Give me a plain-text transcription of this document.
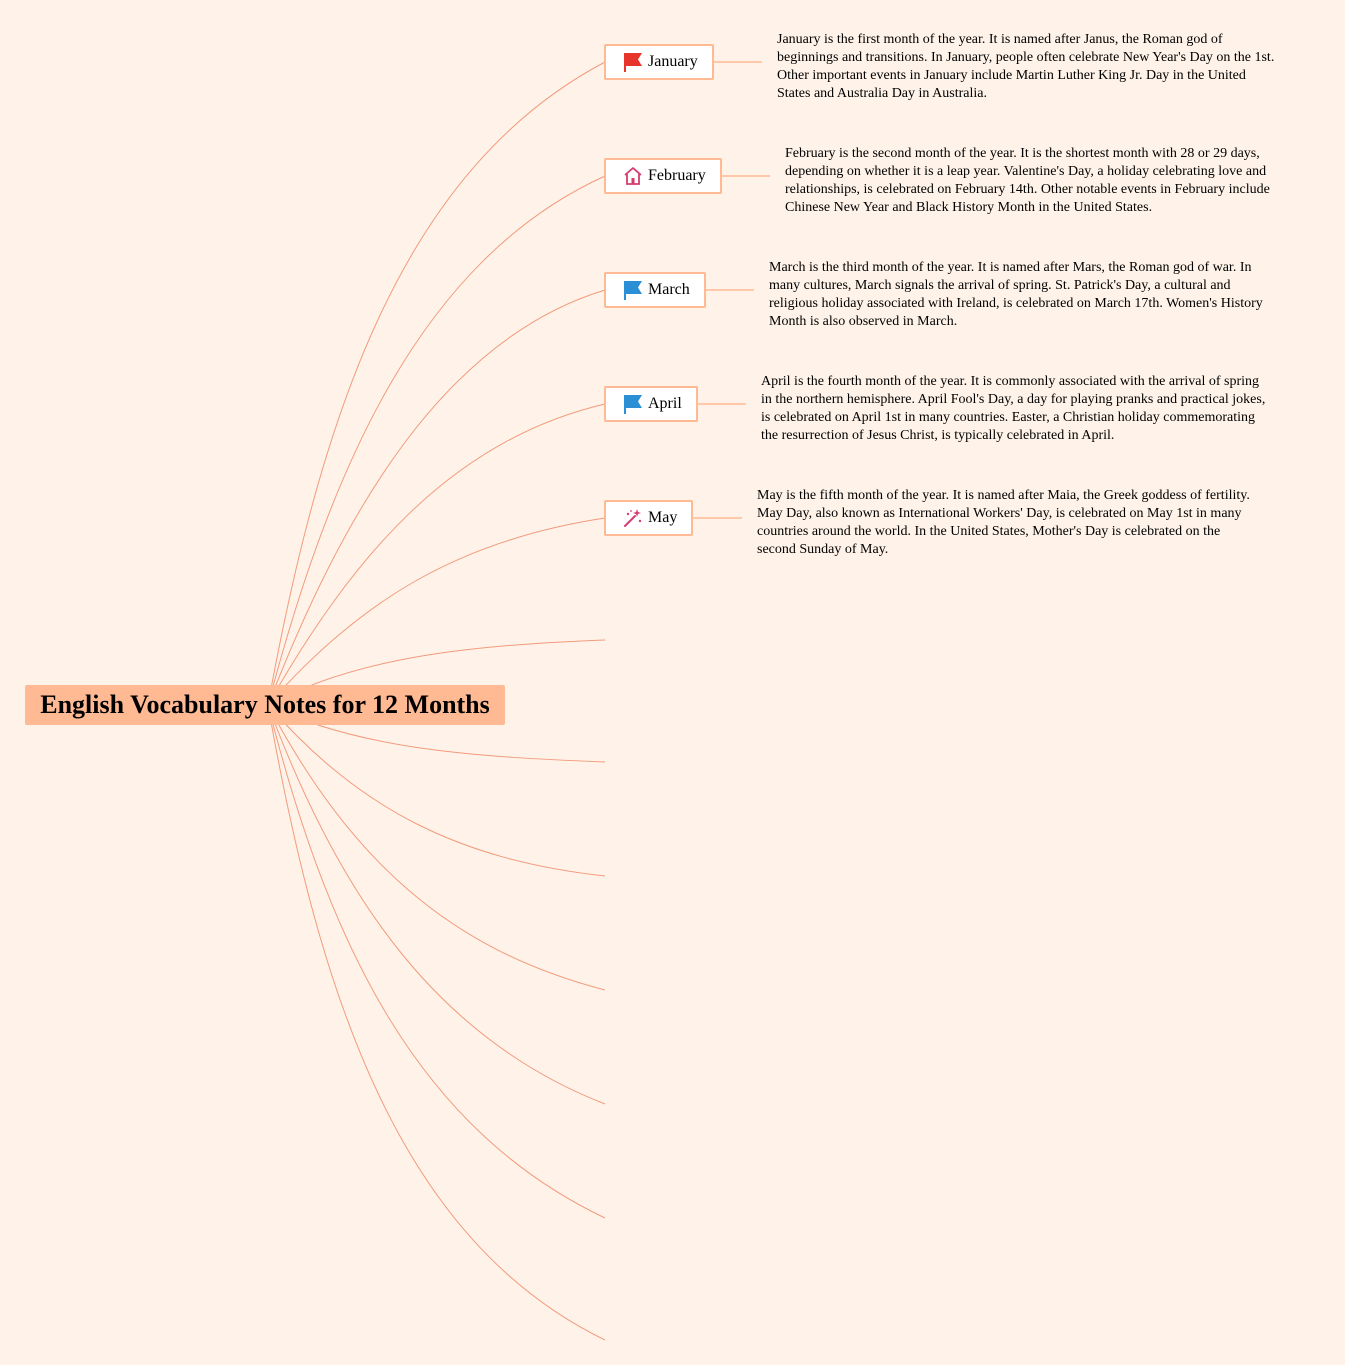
English Vocabulary Notes for 12 Months
January
January is the first month of the year. It is named after Janus, the Roman god of beginnings and transitions. In January, people often celebrate New Year's Day on the 1st. Other important events in January include Martin Luther King Jr. Day in the United States and Australia Day in Australia.
February
February is the second month of the year. It is the shortest month with 28 or 29 days, depending on whether it is a leap year. Valentine's Day, a holiday celebrating love and relationships, is celebrated on February 14th. Other notable events in February include Chinese New Year and Black History Month in the United States.
March
March is the third month of the year. It is named after Mars, the Roman god of war. In many cultures, March signals the arrival of spring. St. Patrick's Day, a cultural and religious holiday associated with Ireland, is celebrated on March 17th. Women's History Month is also observed in March.
April
April is the fourth month of the year. It is commonly associated with the arrival of spring in the northern hemisphere. April Fool's Day, a day for playing pranks and practical jokes, is celebrated on April 1st in many countries. Easter, a Christian holiday commemorating the resurrection of Jesus Christ, is typically celebrated in April.
May
May is the fifth month of the year. It is named after Maia, the Greek goddess of fertility. May Day, also known as International Workers' Day, is celebrated on May 1st in many countries around the world. In the United States, Mother's Day is celebrated on the second Sunday of May.
